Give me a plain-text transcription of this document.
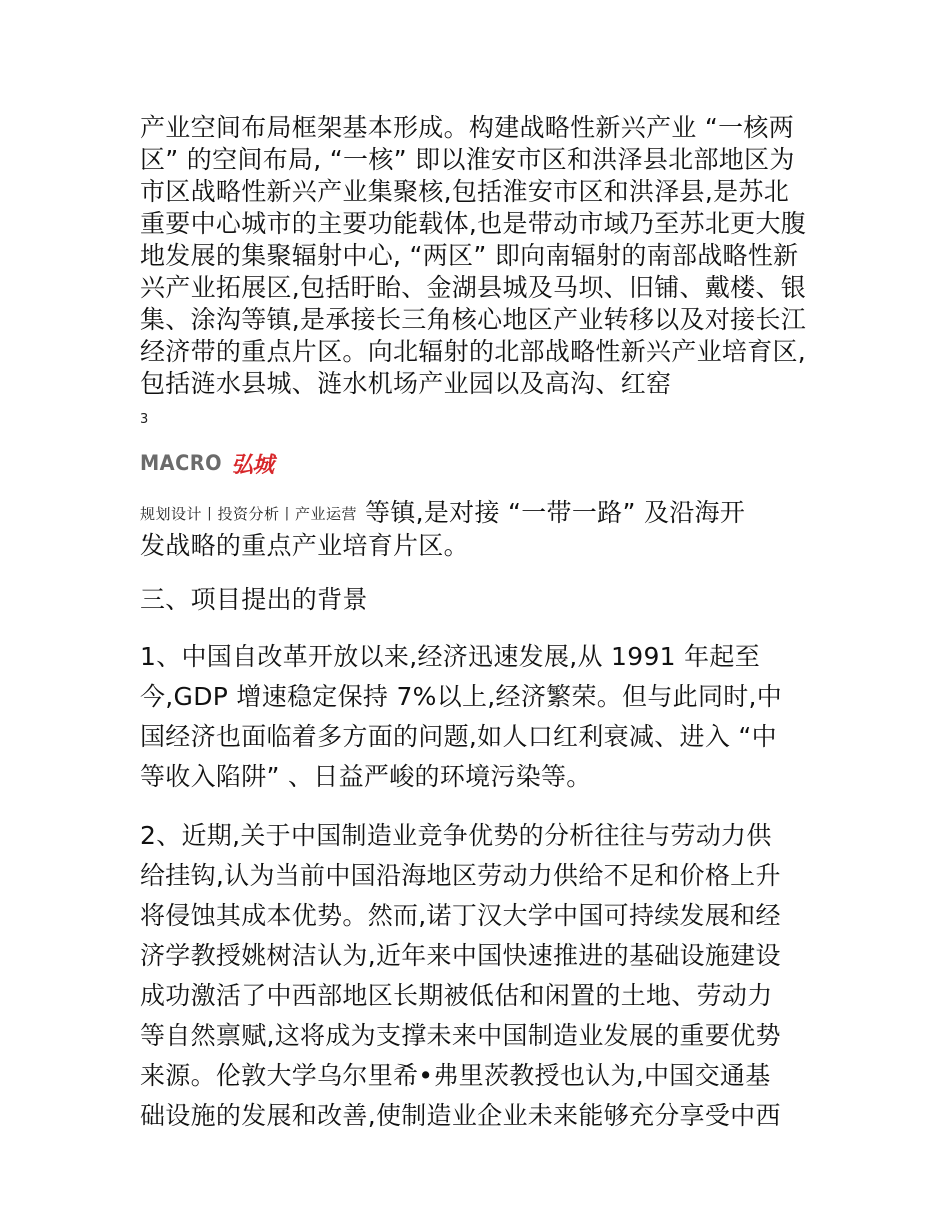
产业空间布局框架基本形成。构建战略性新兴产业 “一核两
区” 的空间布局, “一核” 即以淮安市区和洪泽县北部地区为
市区战略性新兴产业集聚核,包括淮安市区和洪泽县,是苏北
重要中心城市的主要功能载体,也是带动市域乃至苏北更大腹
地发展的集聚辐射中心, “两区” 即向南辐射的南部战略性新
兴产业拓展区,包括盱眙、金湖县城及马坝、旧铺、戴楼、银
集、涂沟等镇,是承接长三角核心地区产业转移以及对接长江
经济带的重点片区。向北辐射的北部战略性新兴产业培育区,
包括涟水县城、涟水机场产业园以及高沟、红窑
3
MACRO 弘城
规划设计丨投资分析丨产业运营 等镇,是对接 “一带一路” 及沿海开
发战略的重点产业培育片区。
三、项目提出的背景
1、中国自改革开放以来,经济迅速发展,从 1991 年起至
今,GDP 增速稳定保持 7%以上,经济繁荣。但与此同时,中
国经济也面临着多方面的问题,如人口红利衰减、进入 “中
等收入陷阱” 、日益严峻的环境污染等。
2、近期,关于中国制造业竞争优势的分析往往与劳动力供
给挂钩,认为当前中国沿海地区劳动力供给不足和价格上升
将侵蚀其成本优势。然而,诺丁汉大学中国可持续发展和经
济学教授姚树洁认为,近年来中国快速推进的基础设施建设
成功激活了中西部地区长期被低估和闲置的土地、劳动力
等自然禀赋,这将成为支撑未来中国制造业发展的重要优势
来源。伦敦大学乌尔里希•弗里茨教授也认为,中国交通基
础设施的发展和改善,使制造业企业未来能够充分享受中西
